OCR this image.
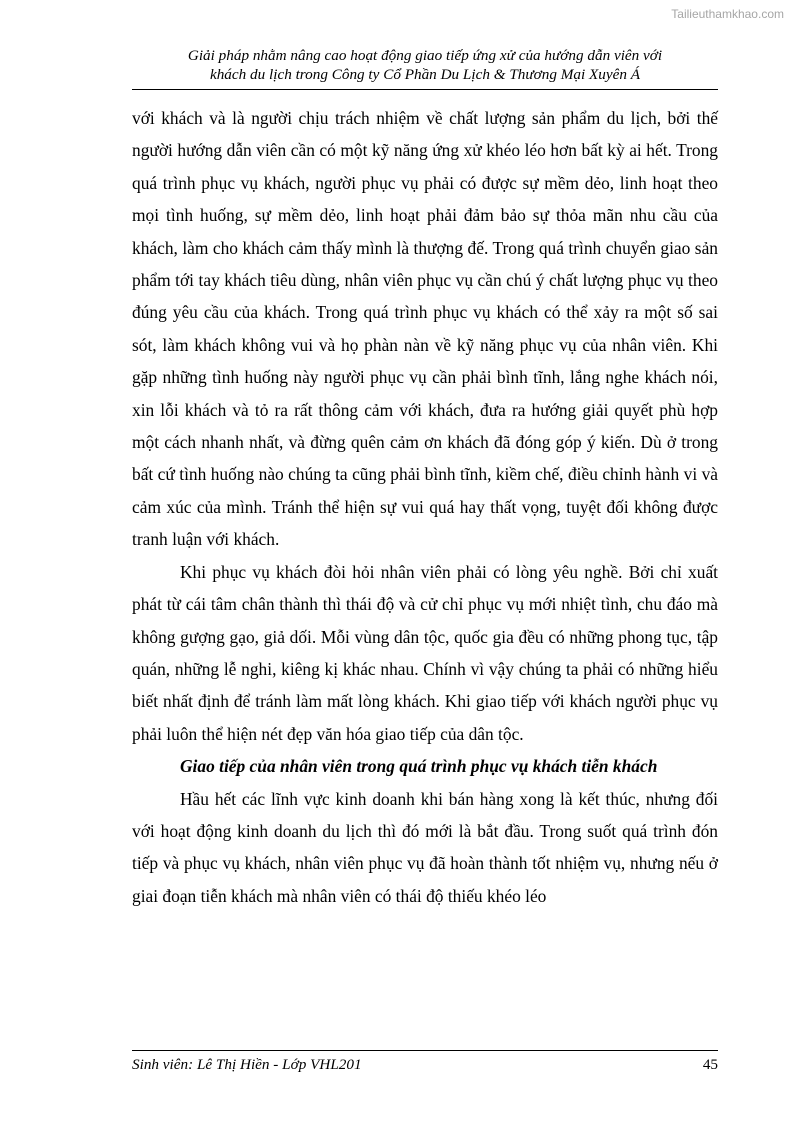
Tailieuthamkhao.com
Giải pháp nhằm nâng cao hoạt động giao tiếp ứng xử của hướng dẫn viên với
khách du lịch trong Công ty Cổ Phần Du Lịch & Thương Mại Xuyên Á

với khách và là người chịu trách nhiệm về chất lượng sản phẩm du lịch, bởi thế người hướng dẫn viên cần có một kỹ năng ứng xử khéo léo hơn bất kỳ ai hết. Trong quá trình phục vụ khách, người phục vụ phải có được sự mềm dẻo, linh hoạt theo mọi tình huống, sự mềm dẻo, linh hoạt phải đảm bảo sự thỏa mãn nhu cầu của khách, làm cho khách cảm thấy mình là thượng đế. Trong quá trình chuyển giao sản phẩm tới tay khách tiêu dùng, nhân viên phục vụ cần chú ý chất lượng phục vụ theo đúng yêu cầu của khách. Trong quá trình phục vụ khách có thể xảy ra một số sai sót, làm khách không vui và họ phàn nàn về kỹ năng phục vụ của nhân viên. Khi gặp những tình huống này người phục vụ cần phải bình tĩnh, lắng nghe khách nói, xin lỗi khách và tỏ ra rất thông cảm với khách, đưa ra hướng giải quyết phù hợp một cách nhanh nhất, và đừng quên cảm ơn khách đã đóng góp ý kiến. Dù ở trong bất cứ tình huống nào chúng ta cũng phải bình tĩnh, kiềm chế, điều chỉnh hành vi và cảm xúc của mình. Tránh thể hiện sự vui quá hay thất vọng, tuyệt đối không được tranh luận với khách.

Khi phục vụ khách đòi hỏi nhân viên phải có lòng yêu nghề. Bởi chỉ xuất phát từ cái tâm chân thành thì thái độ và cử chỉ phục vụ mới nhiệt tình, chu đáo mà không gượng gạo, giả dối. Mỗi vùng dân tộc, quốc gia đều có những phong tục, tập quán, những lễ nghi, kiêng kị khác nhau. Chính vì vậy chúng ta phải có những hiểu biết nhất định để tránh làm mất lòng khách. Khi giao tiếp với khách người phục vụ phải luôn thể hiện nét đẹp văn hóa giao tiếp của dân tộc.

Giao tiếp của nhân viên trong quá trình phục vụ khách tiễn khách

Hầu hết các lĩnh vực kinh doanh khi bán hàng xong là kết thúc, nhưng đối với hoạt động kinh doanh du lịch thì đó mới là bắt đầu. Trong suốt quá trình đón tiếp và phục vụ khách, nhân viên phục vụ đã hoàn thành tốt nhiệm vụ, nhưng nếu ở giai đoạn tiễn khách mà nhân viên có thái độ thiếu khéo léo

Sinh viên: Lê Thị Hiền - Lớp VHL201	45
